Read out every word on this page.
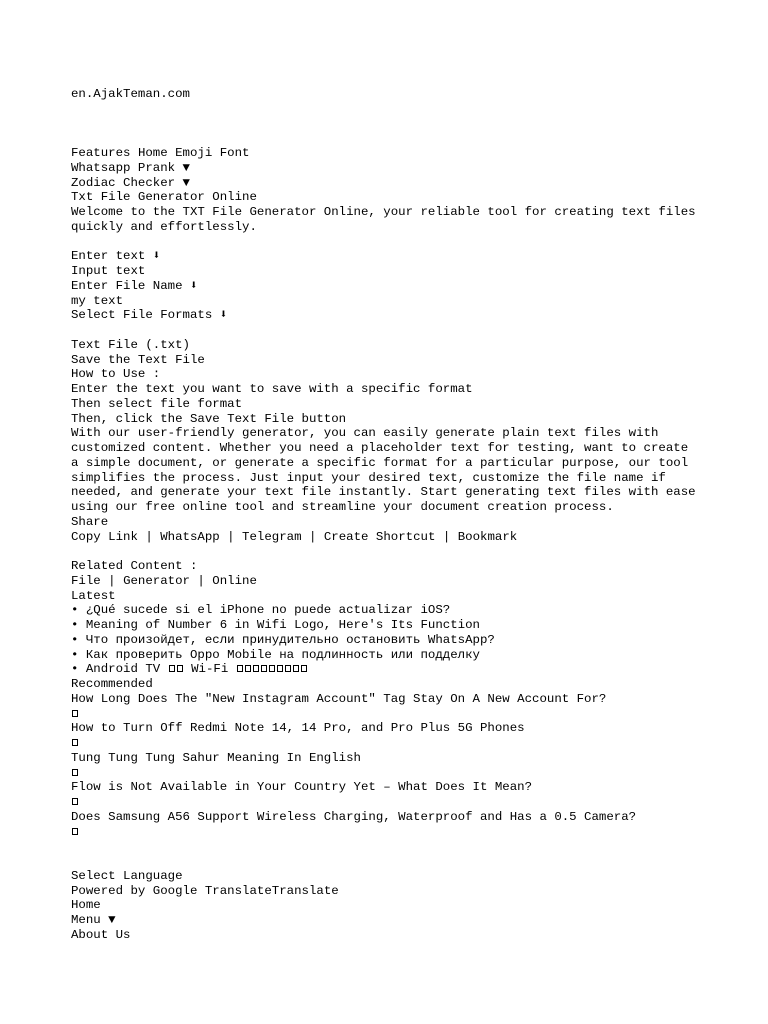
en.AjakTeman.com
Features Home Emoji Font
Whatsapp Prank ▼
Zodiac Checker ▼
Txt File Generator Online

Welcome to the TXT File Generator Online, your reliable tool for creating text files quickly and effortlessly.

Enter text ⬇
Input text
Enter File Name ⬇
my text
Select File Formats ⬇
Text File (.txt)
Save the Text File
How to Use :
Enter the text you want to save with a specific format
Then select file format
Then, click the Save Text File button

With our user-friendly generator, you can easily generate plain text files with customized content. Whether you need a placeholder text for testing, want to create a simple document, or generate a specific format for a particular purpose, our tool simplifies the process. Just input your desired text, customize the file name if needed, and generate your text file instantly. Start generating text files with ease using our free online tool and streamline your document creation process.

Share
Copy Link | WhatsApp | Telegram | Create Shortcut | Bookmark
Related Content :
File | Generator | Online
Latest
• ¿Qué sucede si el iPhone no puede actualizar iOS?
• Meaning of Number 6 in Wifi Logo, Here's Its Function
• Что произойдет, если принудительно остановить WhatsApp?
• Как проверить Oppo Mobile на подлинность или подделку
• Android TV Wi-Fi
Recommended
How Long Does The "New Instagram Account" Tag Stay On A New Account For?
How to Turn Off Redmi Note 14, 14 Pro, and Pro Plus 5G Phones
Tung Tung Tung Sahur Meaning In English
Flow is Not Available in Your Country Yet – What Does It Mean?
Does Samsung A56 Support Wireless Charging, Waterproof and Has a 0.5 Camera?
Select Language
Powered by Google TranslateTranslate
Home
Menu ▼
About Us
